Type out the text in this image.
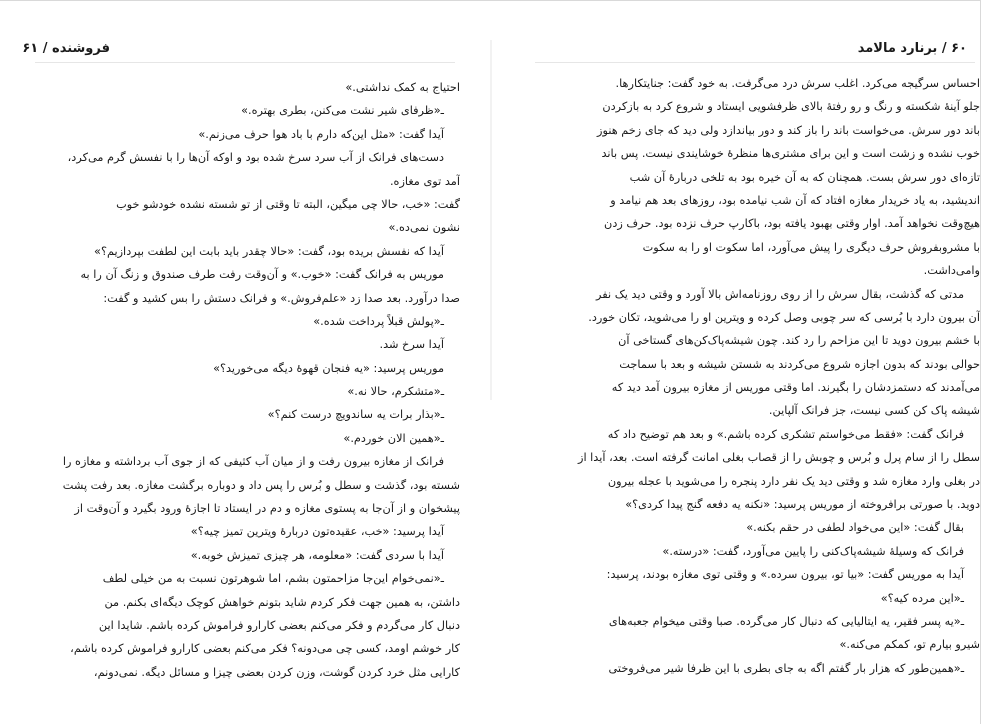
فروشنده / ۶۱
احتیاج به کمک نداشتی.»
ـ«ظرفای شیر نشت می‌کنن، بطری بهتره.»
آیدا گفت: «مثل این‌که دارم با باد هوا حرف می‌زنم.»
دست‌های فرانک از آب سرد سرخ شده بود و اوکه آن‌ها را با نفسش گرم می‌کرد،
آمد توی مغازه.
گفت: «خب، حالا چی میگین، البته تا وقتی از تو شسته نشده خودشو خوب
نشون نمی‌ده.»
آیدا که نفسش بریده بود، گفت: «حالا چقدر باید بابت این لطفت بپردازیم؟»
موریس به فرانک گفت: «خوب.» و آن‌وقت رفت طرف صندوق و زنگ آن را به
صدا درآورد. بعد صدا زد «علم‌فروش.» و فرانک دستش را بس کشید و گفت:
ـ«پولش قبلاً پرداخت شده.»
آیدا سرخ شد.
موریس پرسید: «یه فنجان قهوهٔ دیگه می‌خورید؟»
ـ«متشکرم، حالا نه.»
ـ«بذار برات یه ساندویچ درست کنم؟»
ـ«همین الان خوردم.»
فرانک از مغازه بیرون رفت و از میان آب کثیفی که از جوی آب برداشته و مغازه را
شسته بود، گذشت و سطل و بُرس را پس داد و دوباره برگشت مغازه. بعد رفت پشت
پیشخوان و از آن‌جا به پستوی مغازه و دم در ایستاد تا اجازهٔ ورود بگیرد و آن‌وقت از
آیدا پرسید: «خب، عقیده‌تون دربارهٔ ویترین تمیز چیه؟»
آیدا با سردی گفت: «معلومه، هر چیزی تمیزش خوبه.»
ـ«نمی‌خوام این‌جا مزاحمتون بشم، اما شوهرتون نسبت به من خیلی لطف
داشتن، به همین جهت فکر کردم شاید بتونم خواهش کوچک دیگه‌ای بکنم. من
دنبال کار می‌گردم و فکر می‌کنم بعضی کارارو فراموش کرده باشم. شایدا این
کار خوشم اومد، کسی چی می‌دونه؟ فکر می‌کنم بعضی کارارو فراموش کرده باشم،
کارایی مثل خرد کردن گوشت، وزن کردن بعضی چیزا و مسائل دیگه. نمی‌دونم،
۶۰ / برنارد مالامد
احساس سرگیجه می‌کرد. اغلب سرش درد می‌گرفت. به خود گفت: جنایتکارها.
جلو آینهٔ شکسته و رنگ و رو رفتهٔ بالای ظرفشویی ایستاد و شروع کرد به بازکردن
باند دور سرش. می‌خواست باند را باز کند و دور بیاندازد ولی دید که جای زخم هنوز
خوب نشده و زشت است و این برای مشتری‌ها منظرهٔ خوشایندی نیست. پس باند
تازه‌ای دور سرش بست. همچنان که به آن خیره بود به تلخی دربارهٔ آن شب
اندیشید، به یاد خریدار مغازه افتاد که آن شب نیامده بود، روزهای بعد هم نیامد و
هیچ‌وقت نخواهد آمد. اوار وقتی بهبود یافته بود، باکارپ حرف نزده بود. حرف زدن
با مشروبفروش حرف دیگری را پیش می‌آورد، اما سکوت او را به سکوت
وامی‌داشت.
مدتی که گذشت، بقال سرش را از روی روزنامه‌اش بالا آورد و وقتی دید یک نفر
آن بیرون دارد با بُرسی که سر چوبی وصل کرده و ویترین او را می‌شوید، تکان خورد.
با خشم بیرون دوید تا این مزاحم را رد کند. چون شیشه‌پاک‌کن‌های گستاخی آن
حوالی بودند که بدون اجازه شروع می‌کردند به شستن شیشه و بعد با سماجت
می‌آمدند که دستمزدشان را بگیرند. اما وقتی موریس از مغازه بیرون آمد دید که
شیشه پاک کن کسی نیست، جز فرانک آلپاین.
فرانک گفت: «فقط می‌خواستم تشکری کرده باشم.» و بعد هم توضیح داد که
سطل را از سام پرل و بُرس و چوبش را از قصاب بغلی امانت گرفته است. بعد، آیدا از
در بغلی وارد مغازه شد و وقتی دید یک نفر دارد پنجره را می‌شوید با عجله بیرون
دوید. با صورتی برافروخته از موریس پرسید: «نکنه یه دفعه گنج پیدا کردی؟»
بقال گفت: «این می‌خواد لطفی در حقم بکنه.»
فرانک که وسیلهٔ شیشه‌پاک‌کنی را پایین می‌آورد، گفت: «درسته.»
آیدا به موریس گفت: «بیا تو، بیرون سرده.» و وقتی توی مغازه بودند، پرسید:
ـ«این مرده کیه؟»
ـ«یه پسر فقیر، یه ایتالیایی که دنبال کار می‌گرده. صبا وقتی میخوام جعبه‌های
شیرو بیارم تو، کمکم می‌کنه.»
ـ«همین‌طور که هزار بار گفتم اگه به جای بطری با این ظرفا شیر می‌فروختی
